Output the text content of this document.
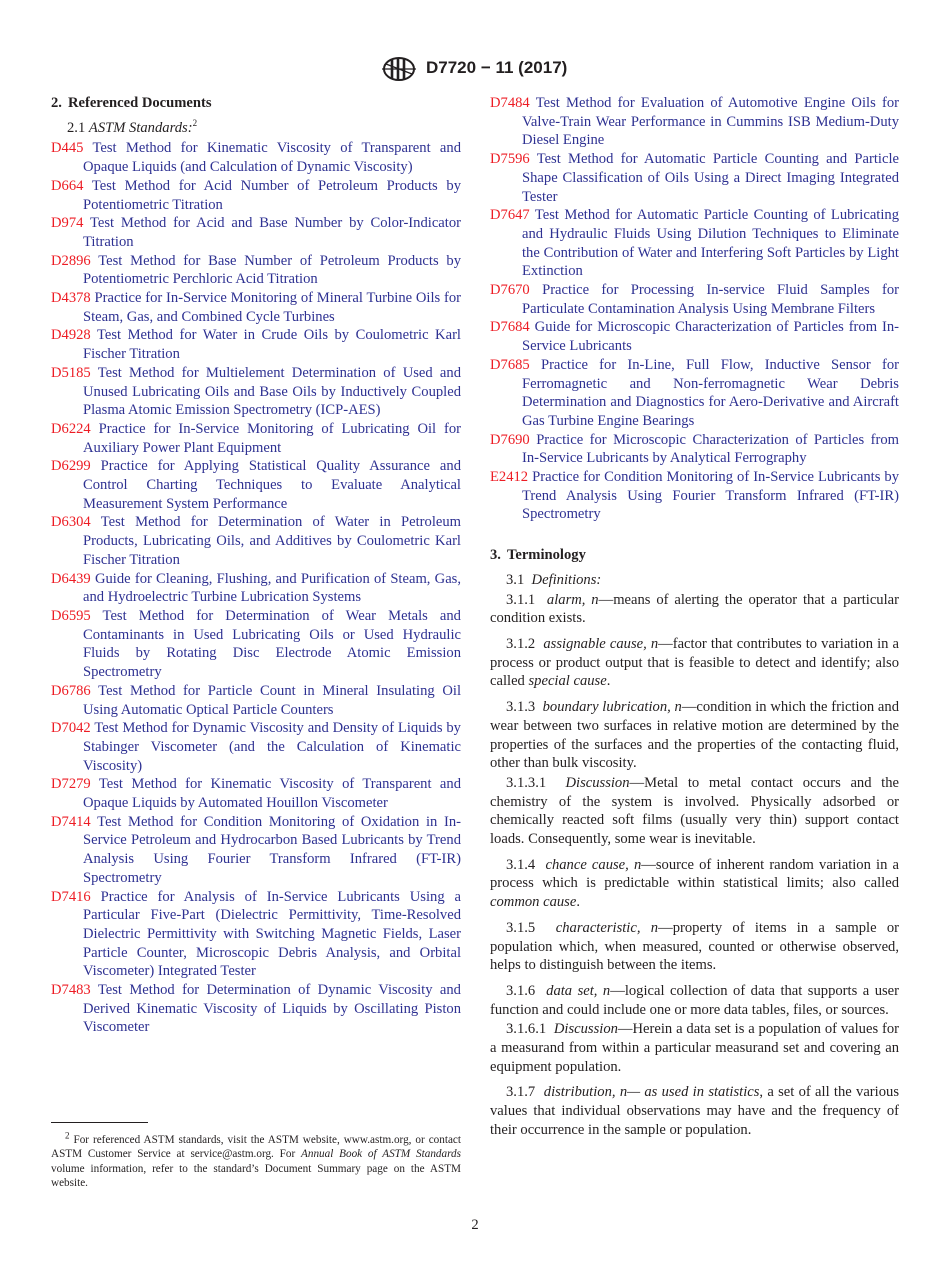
D7720 − 11 (2017)
2. Referenced Documents
2.1 ASTM Standards:$^2$

D445 Test Method for Kinematic Viscosity of Transparent and Opaque Liquids (and Calculation of Dynamic Viscosity)

D664 Test Method for Acid Number of Petroleum Products by Potentiometric Titration

D974 Test Method for Acid and Base Number by Color-Indicator Titration

D2896 Test Method for Base Number of Petroleum Products by Potentiometric Perchloric Acid Titration

D4378 Practice for In-Service Monitoring of Mineral Turbine Oils for Steam, Gas, and Combined Cycle Turbines

D4928 Test Method for Water in Crude Oils by Coulometric Karl Fischer Titration

D5185 Test Method for Multielement Determination of Used and Unused Lubricating Oils and Base Oils by Inductively Coupled Plasma Atomic Emission Spectrometry (ICP-AES)

D6224 Practice for In-Service Monitoring of Lubricating Oil for Auxiliary Power Plant Equipment

D6299 Practice for Applying Statistical Quality Assurance and Control Charting Techniques to Evaluate Analytical Measurement System Performance

D6304 Test Method for Determination of Water in Petroleum Products, Lubricating Oils, and Additives by Coulometric Karl Fischer Titration

D6439 Guide for Cleaning, Flushing, and Purification of Steam, Gas, and Hydroelectric Turbine Lubrication Systems

D6595 Test Method for Determination of Wear Metals and Contaminants in Used Lubricating Oils or Used Hydraulic Fluids by Rotating Disc Electrode Atomic Emission Spectrometry

D6786 Test Method for Particle Count in Mineral Insulating Oil Using Automatic Optical Particle Counters

D7042 Test Method for Dynamic Viscosity and Density of Liquids by Stabinger Viscometer (and the Calculation of Kinematic Viscosity)

D7279 Test Method for Kinematic Viscosity of Transparent and Opaque Liquids by Automated Houillon Viscometer

D7414 Test Method for Condition Monitoring of Oxidation in In-Service Petroleum and Hydrocarbon Based Lubricants by Trend Analysis Using Fourier Transform Infrared (FT-IR) Spectrometry

D7416 Practice for Analysis of In-Service Lubricants Using a Particular Five-Part (Dielectric Permittivity, Time-Resolved Dielectric Permittivity with Switching Magnetic Fields, Laser Particle Counter, Microscopic Debris Analysis, and Orbital Viscometer) Integrated Tester

D7483 Test Method for Determination of Dynamic Viscosity and Derived Kinematic Viscosity of Liquids by Oscillating Piston Viscometer

D7484 Test Method for Evaluation of Automotive Engine Oils for Valve-Train Wear Performance in Cummins ISB Medium-Duty Diesel Engine

D7596 Test Method for Automatic Particle Counting and Particle Shape Classification of Oils Using a Direct Imaging Integrated Tester

D7647 Test Method for Automatic Particle Counting of Lubricating and Hydraulic Fluids Using Dilution Techniques to Eliminate the Contribution of Water and Interfering Soft Particles by Light Extinction

D7670 Practice for Processing In-service Fluid Samples for Particulate Contamination Analysis Using Membrane Filters

D7684 Guide for Microscopic Characterization of Particles from In-Service Lubricants

D7685 Practice for In-Line, Full Flow, Inductive Sensor for Ferromagnetic and Non-ferromagnetic Wear Debris Determination and Diagnostics for Aero-Derivative and Aircraft Gas Turbine Engine Bearings

D7690 Practice for Microscopic Characterization of Particles from In-Service Lubricants by Analytical Ferrography

E2412 Practice for Condition Monitoring of In-Service Lubricants by Trend Analysis Using Fourier Transform Infrared (FT-IR) Spectrometry

3. Terminology

3.1 Definitions:

3.1.1 alarm, n—means of alerting the operator that a particular condition exists.

3.1.2 assignable cause, n—factor that contributes to variation in a process or product output that is feasible to detect and identify; also called special cause.

3.1.3 boundary lubrication, n—condition in which the friction and wear between two surfaces in relative motion are determined by the properties of the surfaces and the properties of the contacting fluid, other than bulk viscosity.

3.1.3.1 Discussion—Metal to metal contact occurs and the chemistry of the system is involved. Physically adsorbed or chemically reacted soft films (usually very thin) support contact loads. Consequently, some wear is inevitable.

3.1.4 chance cause, n—source of inherent random variation in a process which is predictable within statistical limits; also called common cause.

3.1.5 characteristic, n—property of items in a sample or population which, when measured, counted or otherwise observed, helps to distinguish between the items.

3.1.6 data set, n—logical collection of data that supports a user function and could include one or more data tables, files, or sources.

3.1.6.1 Discussion—Herein a data set is a population of values for a measurand from within a particular measurand set and covering an equipment population.

3.1.7 distribution, n— as used in statistics, a set of all the various values that individual observations may have and the frequency of their occurrence in the sample or population.

$^2$ For referenced ASTM standards, visit the ASTM website, www.astm.org, or contact ASTM Customer Service at service@astm.org. For Annual Book of ASTM Standards volume information, refer to the standard’s Document Summary page on the ASTM website.
2
